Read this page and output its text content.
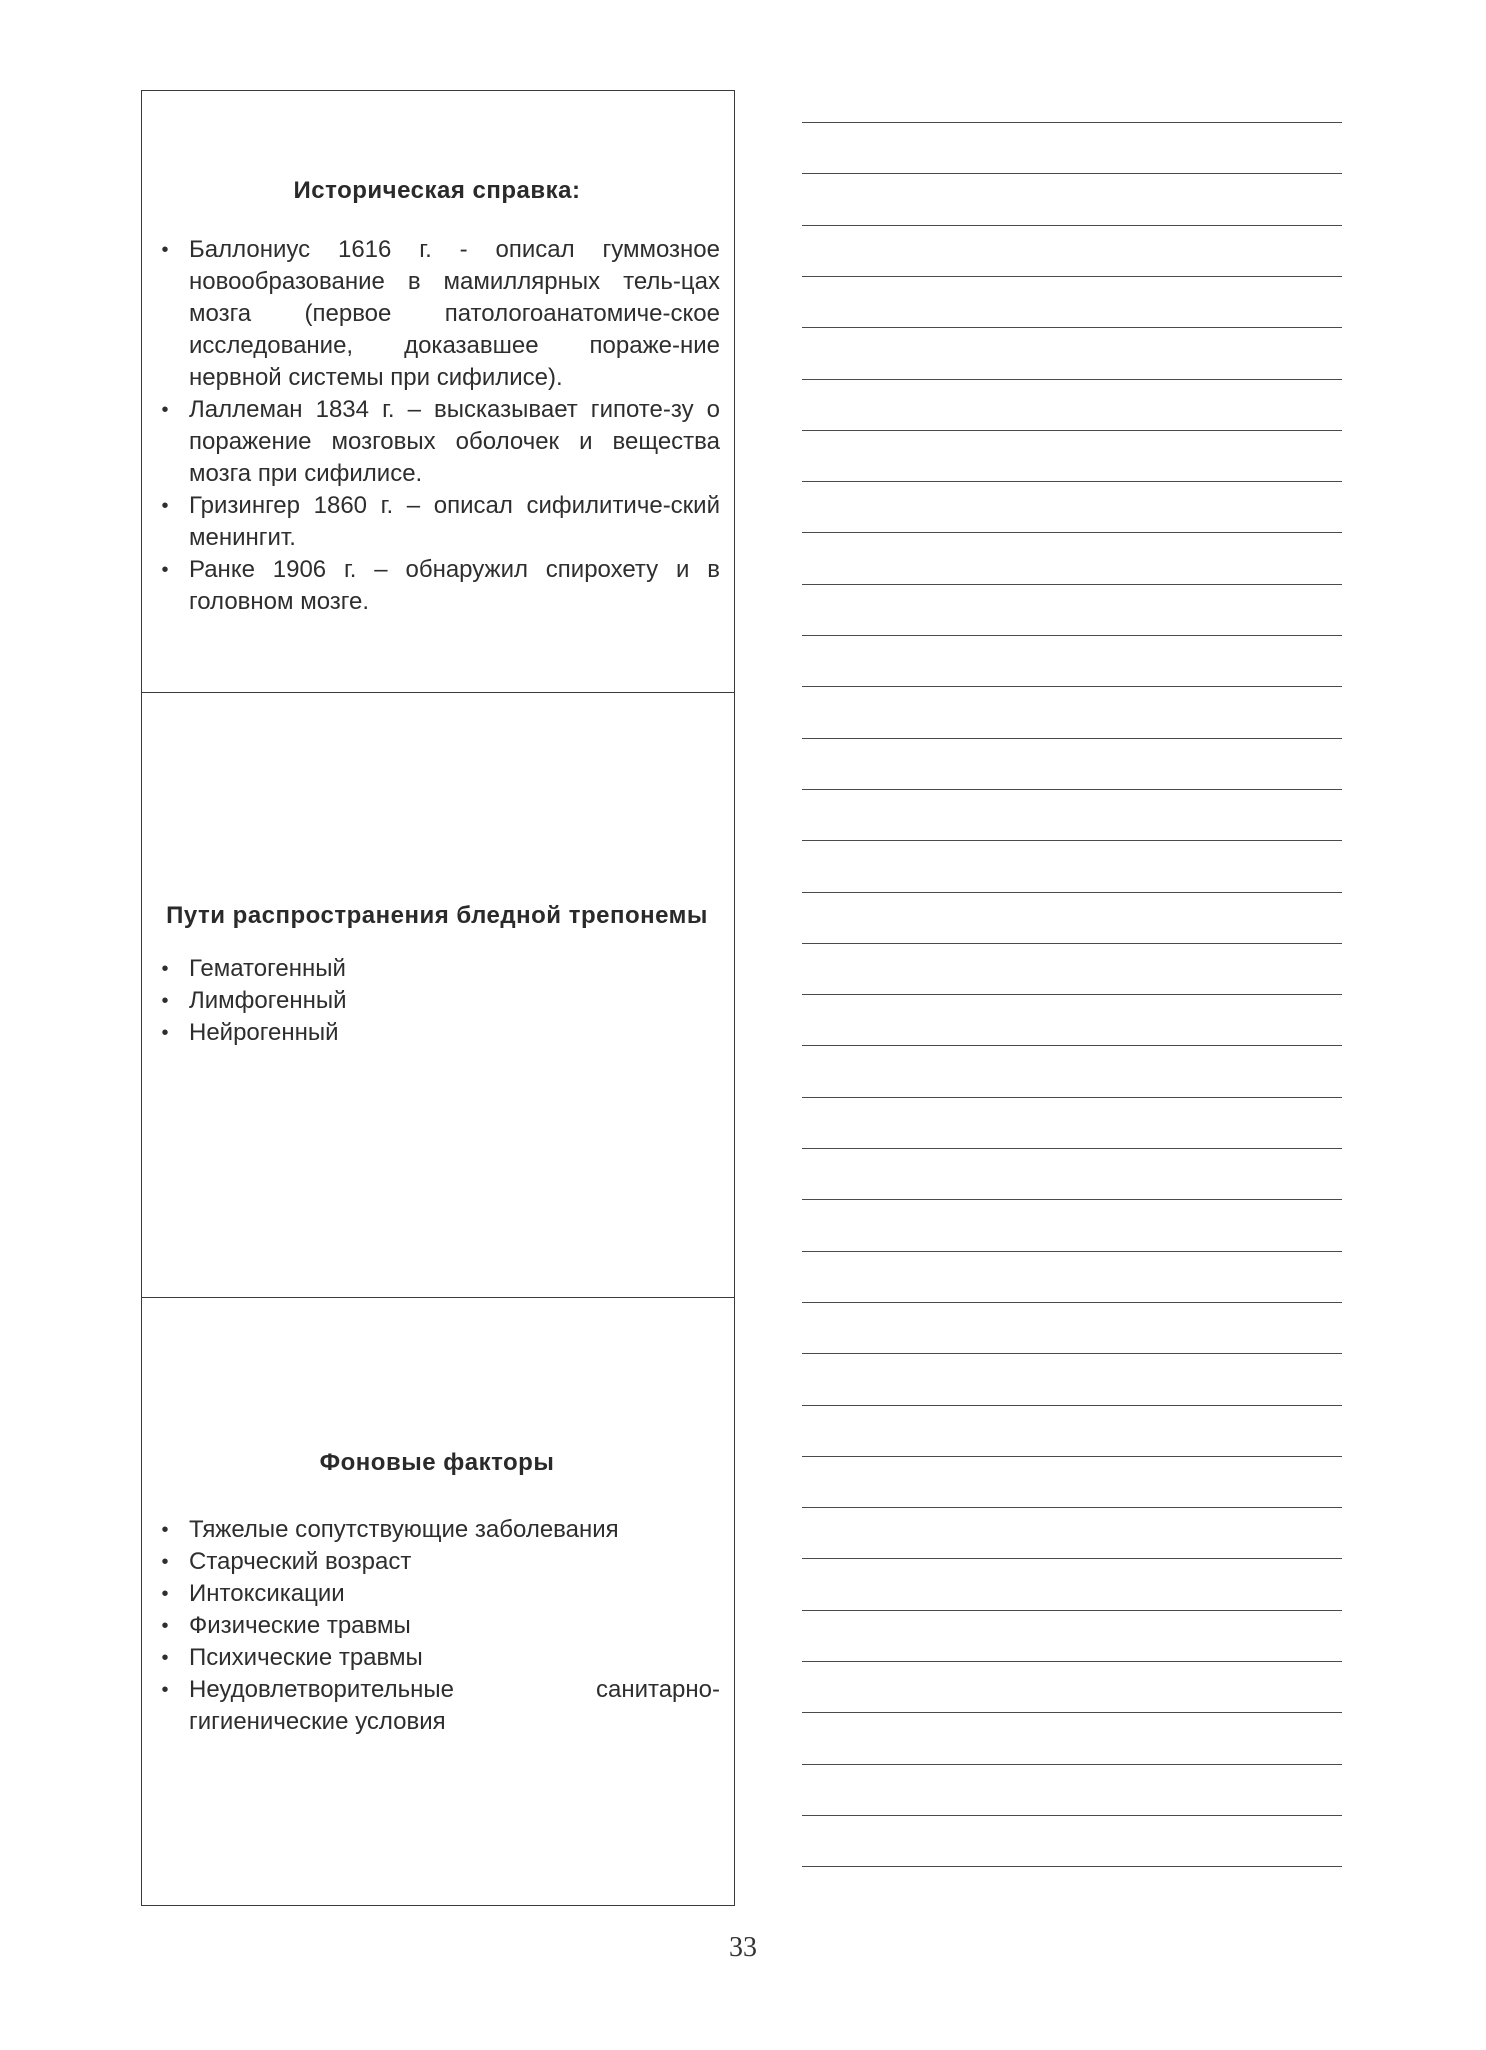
Историческая справка:
• Баллониус 1616 г. - описал гуммозное новообразование в мамиллярных тель-цах мозга (первое патологоанатомиче-ское исследование, доказавшее пораже-ние нервной системы при сифилисе).
• Лаллеман 1834 г. – высказывает гипоте-зу о поражение мозговых оболочек и вещества мозга при сифилисе.
• Гризингер 1860 г. – описал сифилитиче-ский менингит.
• Ранке 1906 г. – обнаружил спирохету и в головном мозге.
Пути распространения бледной трепонемы
• Гематогенный
• Лимфогенный
• Нейрогенный
Фоновые факторы
• Тяжелые сопутствующие заболевания
• Старческий возраст
• Интоксикации
• Физические травмы
• Психические травмы
• Неудовлетворительные санитарно-гигиенические условия
33
